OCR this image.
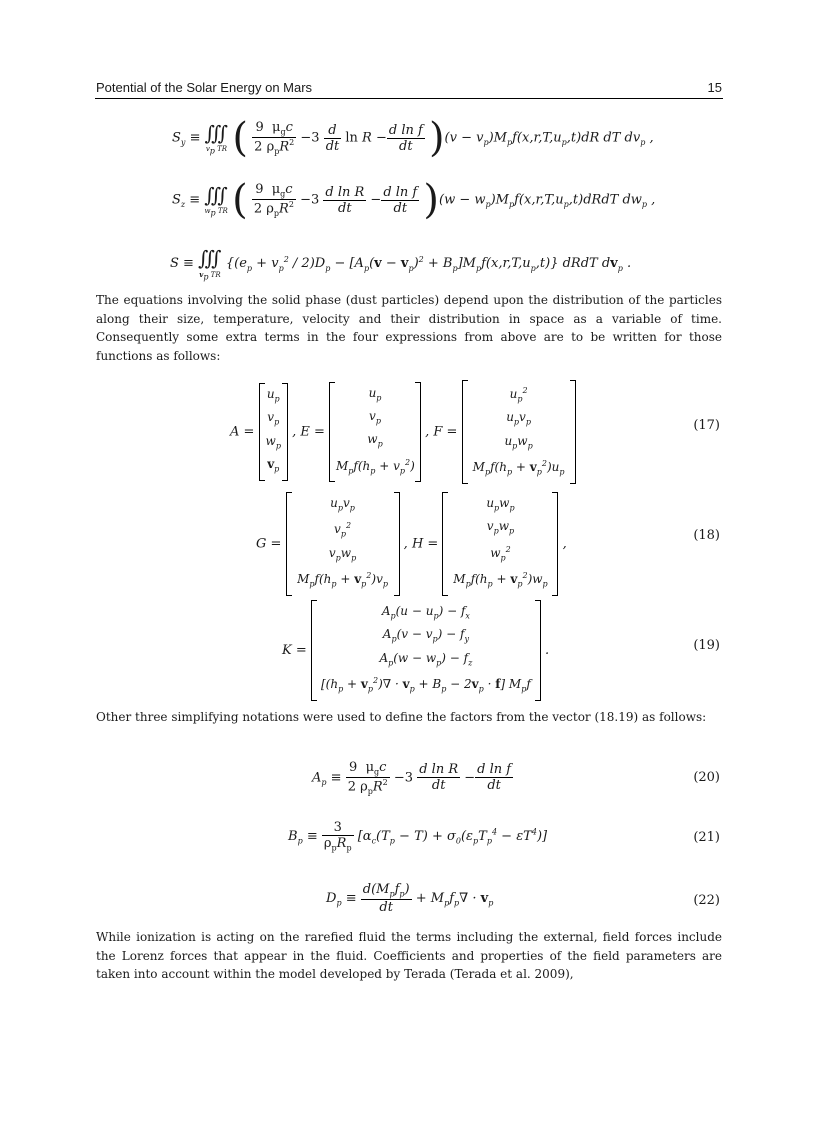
Potential of the Solar Energy on Mars	15
$S_y$ ≡ ∭
$v_p$ TR ( $\frac{9 \mu_gc}{2 \rho_pR^2} -3 \frac{d}{dt}$ $\ln R - \frac{\text{d ln f}}{dt} )(v - v_p)M_pf(x,r,T,u_p,t)dR$ dT $dv_p$ ,
$S_z$ ≡ ∭
$w_p$ TR ( $\frac{9 \mu_gc}{2 \rho_pR^2} -3 \frac{\text{d ln R}}{dt} - \frac{\text{d ln f}}{dt} )(w$ − $w_p)M_pf(x,r,T,u_p,t)dRdT$ $dw_p$ ,
S ≡ ∭
$v_p$ TR
$\{(e_p + v_p^2 / 2)D_p - [A_p(v - v_p)^2 + B_p]M_pf(x,r,T,u_p,t)\}$ dRdT $dv_p$ .
The equations involving the solid phase (dust particles) depend upon the distribution of the particles along their size, temperature, velocity and their distribution in space as a variable of time. Consequently some extra terms in the four expressions from above are to be written for those functions as follows:
A =
$u_p$
$v_p$
$w_p$
$v_p$
, E =
$u_p$
$v_p$
$w_p$
$M_pf(h_p + v_p^2)$
, F =
$u_p^2$
$u_pv_p$
$u_pw_p$
$M_pf(h_p + v_p^2)u_p$
(17)
G =
$u_pv_p$
$v_p^2$
$v_pw_p$
$M_pf(h_p + v_p^2)v_p$
, H =
$u_pw_p$
$v_pw_p$
$w_p^2$
$M_pf(h_p + v_p^2)w_p$
,
(18)
K =
$A_p(u - u_p) - f_x$
$A_p(v - v_p) - f_y$
$A_p(w - w_p) - f_z$
$[(h_p + v_p^2)\nabla \cdot v_p + B_p - 2v_p \cdot f]$ $M_pf$
.	(19)
Other three simplifying notations were used to define the factors from the vector (18.19) as follows:
$A_p \equiv \frac{9 \mu_gc}{2 \rho_pR^2} -3 \frac{\text{d ln R}}{dt} - \frac{\text{d ln f}}{dt}$	(20)
$B_p \equiv \frac{3}{\rho_pR_p} [\alpha_c(T_p - T) + \sigma_0(\varepsilon_pT_p^4 - \varepsilon T^4)]$	(21)
$D_p \equiv \frac{d(M_pf_p)}{dt} + M_pf_p\nabla \cdot v_p$	(22)
While ionization is acting on the rarefied fluid the terms including the external, field forces include the Lorenz forces that appear in the fluid. Coefficients and properties of the field parameters are taken into account within the model developed by Terada (Terada et al. 2009),
